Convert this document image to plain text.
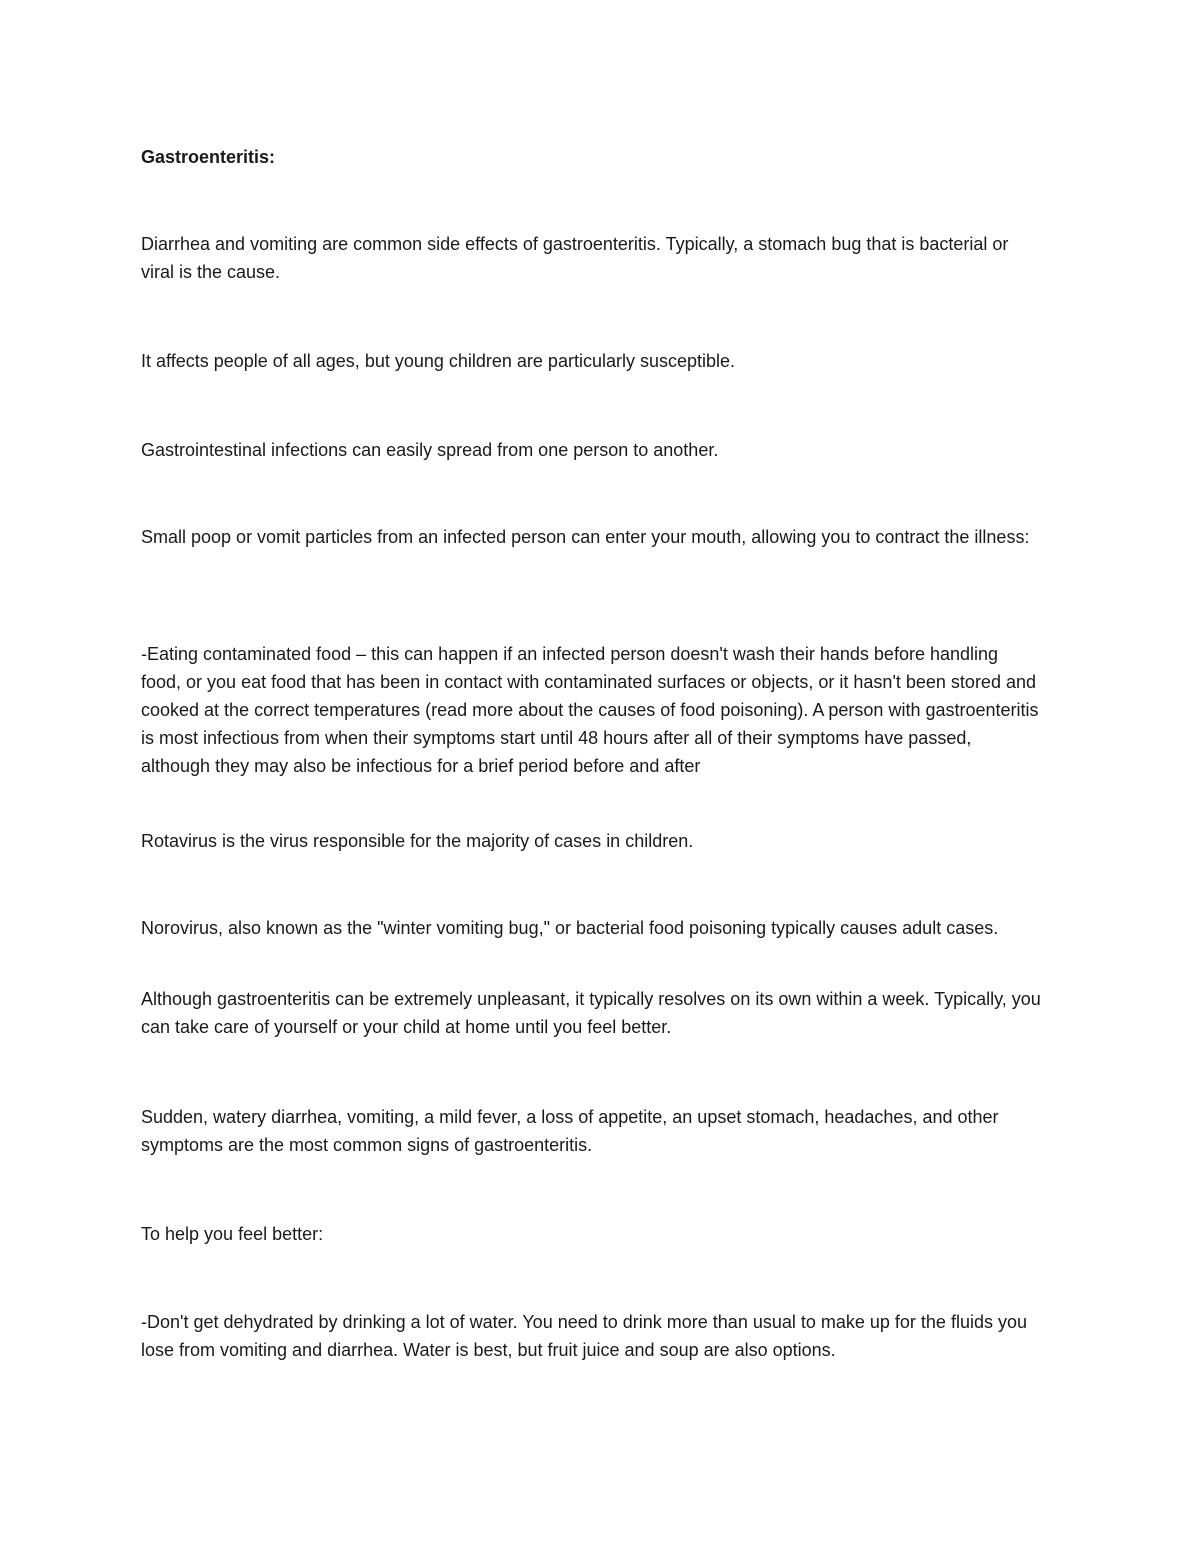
Gastroenteritis:

Diarrhea and vomiting are common side effects of gastroenteritis. Typically, a stomach bug that is bacterial or viral is the cause.

It affects people of all ages, but young children are particularly susceptible.

Gastrointestinal infections can easily spread from one person to another.

Small poop or vomit particles from an infected person can enter your mouth, allowing you to contract the illness:

-Eating contaminated food – this can happen if an infected person doesn't wash their hands before handling food, or you eat food that has been in contact with contaminated surfaces or objects, or it hasn't been stored and cooked at the correct temperatures (read more about the causes of food poisoning). A person with gastroenteritis is most infectious from when their symptoms start until 48 hours after all of their symptoms have passed, although they may also be infectious for a brief period before and after

Rotavirus is the virus responsible for the majority of cases in children.

Norovirus, also known as the "winter vomiting bug," or bacterial food poisoning typically causes adult cases.

Although gastroenteritis can be extremely unpleasant, it typically resolves on its own within a week. Typically, you can take care of yourself or your child at home until you feel better.

Sudden, watery diarrhea, vomiting, a mild fever, a loss of appetite, an upset stomach, headaches, and other symptoms are the most common signs of gastroenteritis.

To help you feel better:

-Don't get dehydrated by drinking a lot of water. You need to drink more than usual to make up for the fluids you lose from vomiting and diarrhea. Water is best, but fruit juice and soup are also options.
